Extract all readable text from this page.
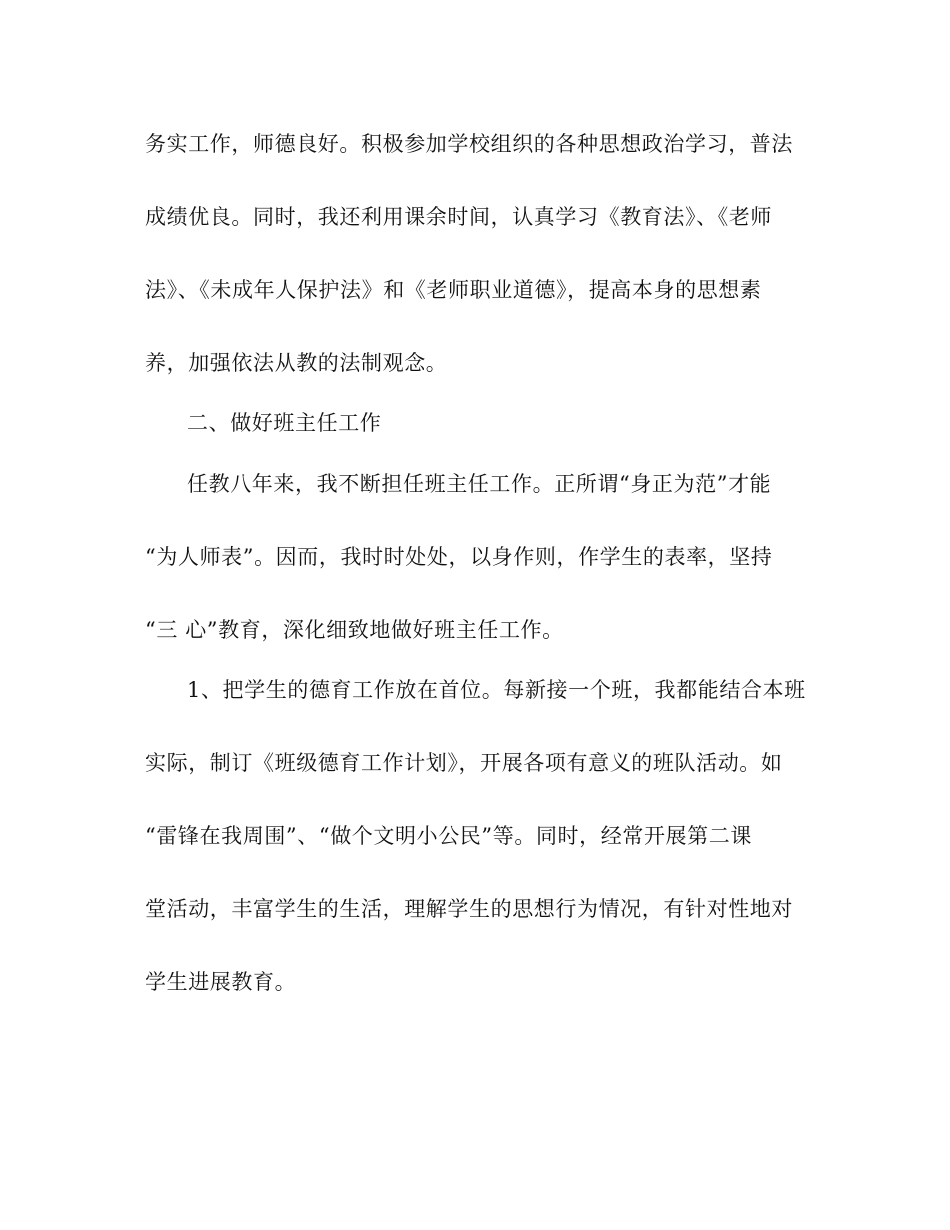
务实工作，师德良好。积极参加学校组织的各种思想政治学习，普法
成绩优良。同时，我还利用课余时间，认真学习《教育法》、《老师
法》、《未成年人保护法》和《老师职业道德》，提高本身的思想素
养，加强依法从教的法制观念。
二、做好班主任工作
任教八年来，我不断担任班主任工作。正所谓“身正为范”才能
“为人师表”。因而，我时时处处，以身作则，作学生的表率，坚持
“三 心”教育，深化细致地做好班主任工作。
1、把学生的德育工作放在首位。每新接一个班，我都能结合本班
实际，制订《班级德育工作计划》，开展各项有意义的班队活动。如
“雷锋在我周围”、“做个文明小公民”等。同时，经常开展第二课
堂活动，丰富学生的生活，理解学生的思想行为情况，有针对性地对
学生进展教育。
